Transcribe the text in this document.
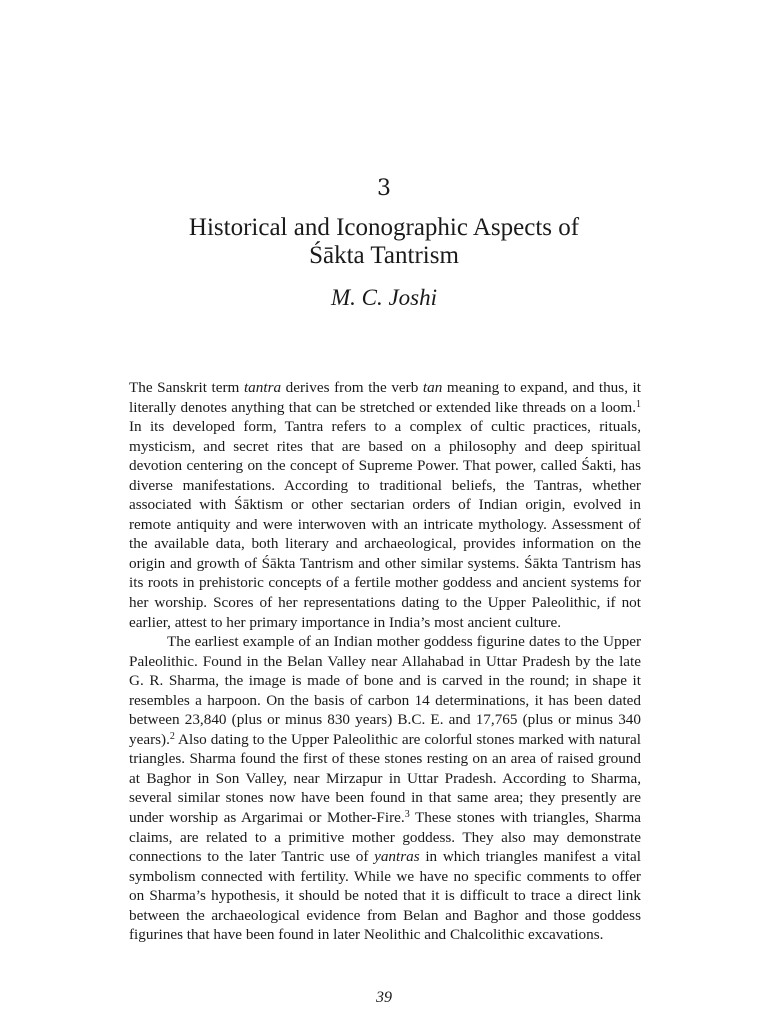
3
Historical and Iconographic Aspects of
Śākta Tantrism
M. C. Joshi

The Sanskrit term tantra derives from the verb tan meaning to expand, and thus, it literally denotes anything that can be stretched or extended like threads on a loom.$^1$ In its developed form, Tantra refers to a complex of cultic practices, rituals, mysticism, and secret rites that are based on a philosophy and deep spiritual devotion centering on the concept of Supreme Power. That power, called Śakti, has diverse manifestations. According to traditional beliefs, the Tantras, whether associated with Śāktism or other sectarian orders of Indian origin, evolved in remote antiquity and were interwoven with an intricate mythology. Assessment of the available data, both literary and archaeological, provides information on the origin and growth of Śākta Tantrism and other similar systems. Śākta Tantrism has its roots in prehistoric concepts of a fertile mother goddess and ancient systems for her worship. Scores of her representations dating to the Upper Paleolithic, if not earlier, attest to her primary importance in India’s most ancient culture.

The earliest example of an Indian mother goddess figurine dates to the Upper Paleolithic. Found in the Belan Valley near Allahabad in Uttar Pradesh by the late G. R. Sharma, the image is made of bone and is carved in the round; in shape it resembles a harpoon. On the basis of carbon 14 determinations, it has been dated between 23,840 (plus or minus 830 years) B.C. E. and 17,765 (plus or minus 340 years).$^2$ Also dating to the Upper Paleolithic are colorful stones marked with natural triangles. Sharma found the first of these stones resting on an area of raised ground at Baghor in Son Valley, near Mirzapur in Uttar Pradesh. According to Sharma, several similar stones now have been found in that same area; they presently are under worship as Argarimai or Mother-Fire.$^3$ These stones with triangles, Sharma claims, are related to a primitive mother goddess. They also may demonstrate connections to the later Tantric use of yantras in which triangles manifest a vital symbolism connected with fertility. While we have no specific comments to offer on Sharma’s hypothesis, it should be noted that it is difficult to trace a direct link between the archaeological evidence from Belan and Baghor and those goddess figurines that have been found in later Neolithic and Chalcolithic excavations.

39
